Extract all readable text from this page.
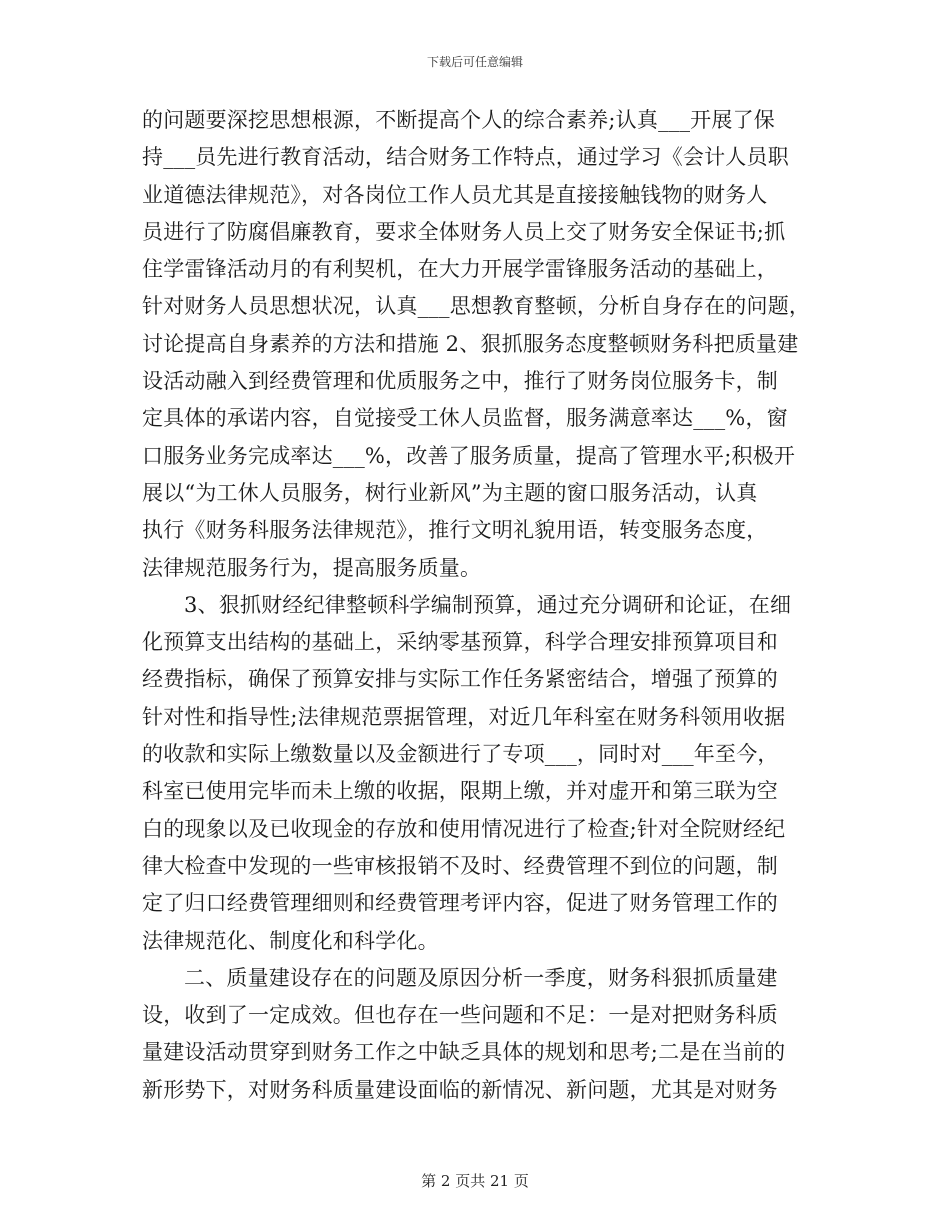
下载后可任意编辑
的问题要深挖思想根源，不断提高个人的综合素养;认真___开展了保
持___员先进行教育活动，结合财务工作特点，通过学习《会计人员职
业道德法律规范》，对各岗位工作人员尤其是直接接触钱物的财务人
员进行了防腐倡廉教育，要求全体财务人员上交了财务安全保证书;抓
住学雷锋活动月的有利契机，在大力开展学雷锋服务活动的基础上，
针对财务人员思想状况，认真___思想教育整顿，分析自身存在的问题，
讨论提高自身素养的方法和措施 2、狠抓服务态度整顿财务科把质量建
设活动融入到经费管理和优质服务之中，推行了财务岗位服务卡，制
定具体的承诺内容，自觉接受工休人员监督，服务满意率达___%，窗
口服务业务完成率达___%，改善了服务质量，提高了管理水平;积极开
展以“为工休人员服务，树行业新风”为主题的窗口服务活动，认真
执行《财务科服务法律规范》，推行文明礼貌用语，转变服务态度，
法律规范服务行为，提高服务质量。
3、狠抓财经纪律整顿科学编制预算，通过充分调研和论证，在细
化预算支出结构的基础上，采纳零基预算，科学合理安排预算项目和
经费指标，确保了预算安排与实际工作任务紧密结合，增强了预算的
针对性和指导性;法律规范票据管理，对近几年科室在财务科领用收据
的收款和实际上缴数量以及金额进行了专项___，同时对___年至今，
科室已使用完毕而未上缴的收据，限期上缴，并对虚开和第三联为空
白的现象以及已收现金的存放和使用情况进行了检查;针对全院财经纪
律大检查中发现的一些审核报销不及时、经费管理不到位的问题，制
定了归口经费管理细则和经费管理考评内容，促进了财务管理工作的
法律规范化、制度化和科学化。
二、质量建设存在的问题及原因分析一季度，财务科狠抓质量建
设，收到了一定成效。但也存在一些问题和不足：一是对把财务科质
量建设活动贯穿到财务工作之中缺乏具体的规划和思考;二是在当前的
新形势下，对财务科质量建设面临的新情况、新问题，尤其是对财务
第 2 页共 21 页
